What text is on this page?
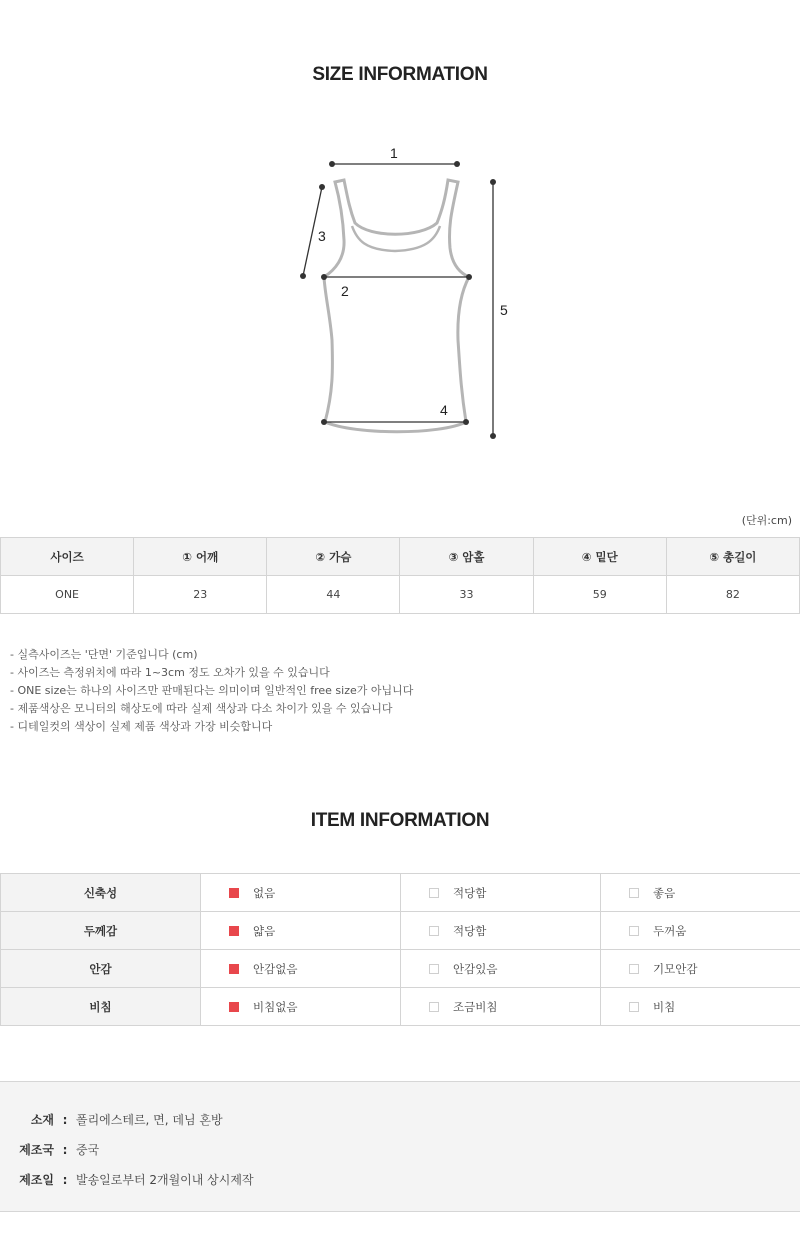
SIZE INFORMATION
1
3
2
4
5
(단위:cm)
사이즈	① 어깨	② 가슴	③ 암홀	④ 밑단	⑤ 총길이
ONE	23	44	33	59	82
- 실측사이즈는 '단면' 기준입니다 (cm)
- 사이즈는 측정위치에 따라 1~3cm 정도 오차가 있을 수 있습니다
- ONE size는 하나의 사이즈만 판매된다는 의미이며 일반적인 free size가 아닙니다
- 제품색상은 모니터의 해상도에 따라 실제 색상과 다소 차이가 있을 수 있습니다
- 디테일컷의 색상이 실제 제품 색상과 가장 비슷합니다
ITEM INFORMATION
신축성	없음	적당함	좋음
두께감	얇음	적당함	두꺼움
안감	안감없음	안감있음	기모안감
비침	비침없음	조금비침	비침
소재 : 폴리에스테르, 면, 데님 혼방
제조국 : 중국
제조일 : 발송일로부터 2개월이내 상시제작
